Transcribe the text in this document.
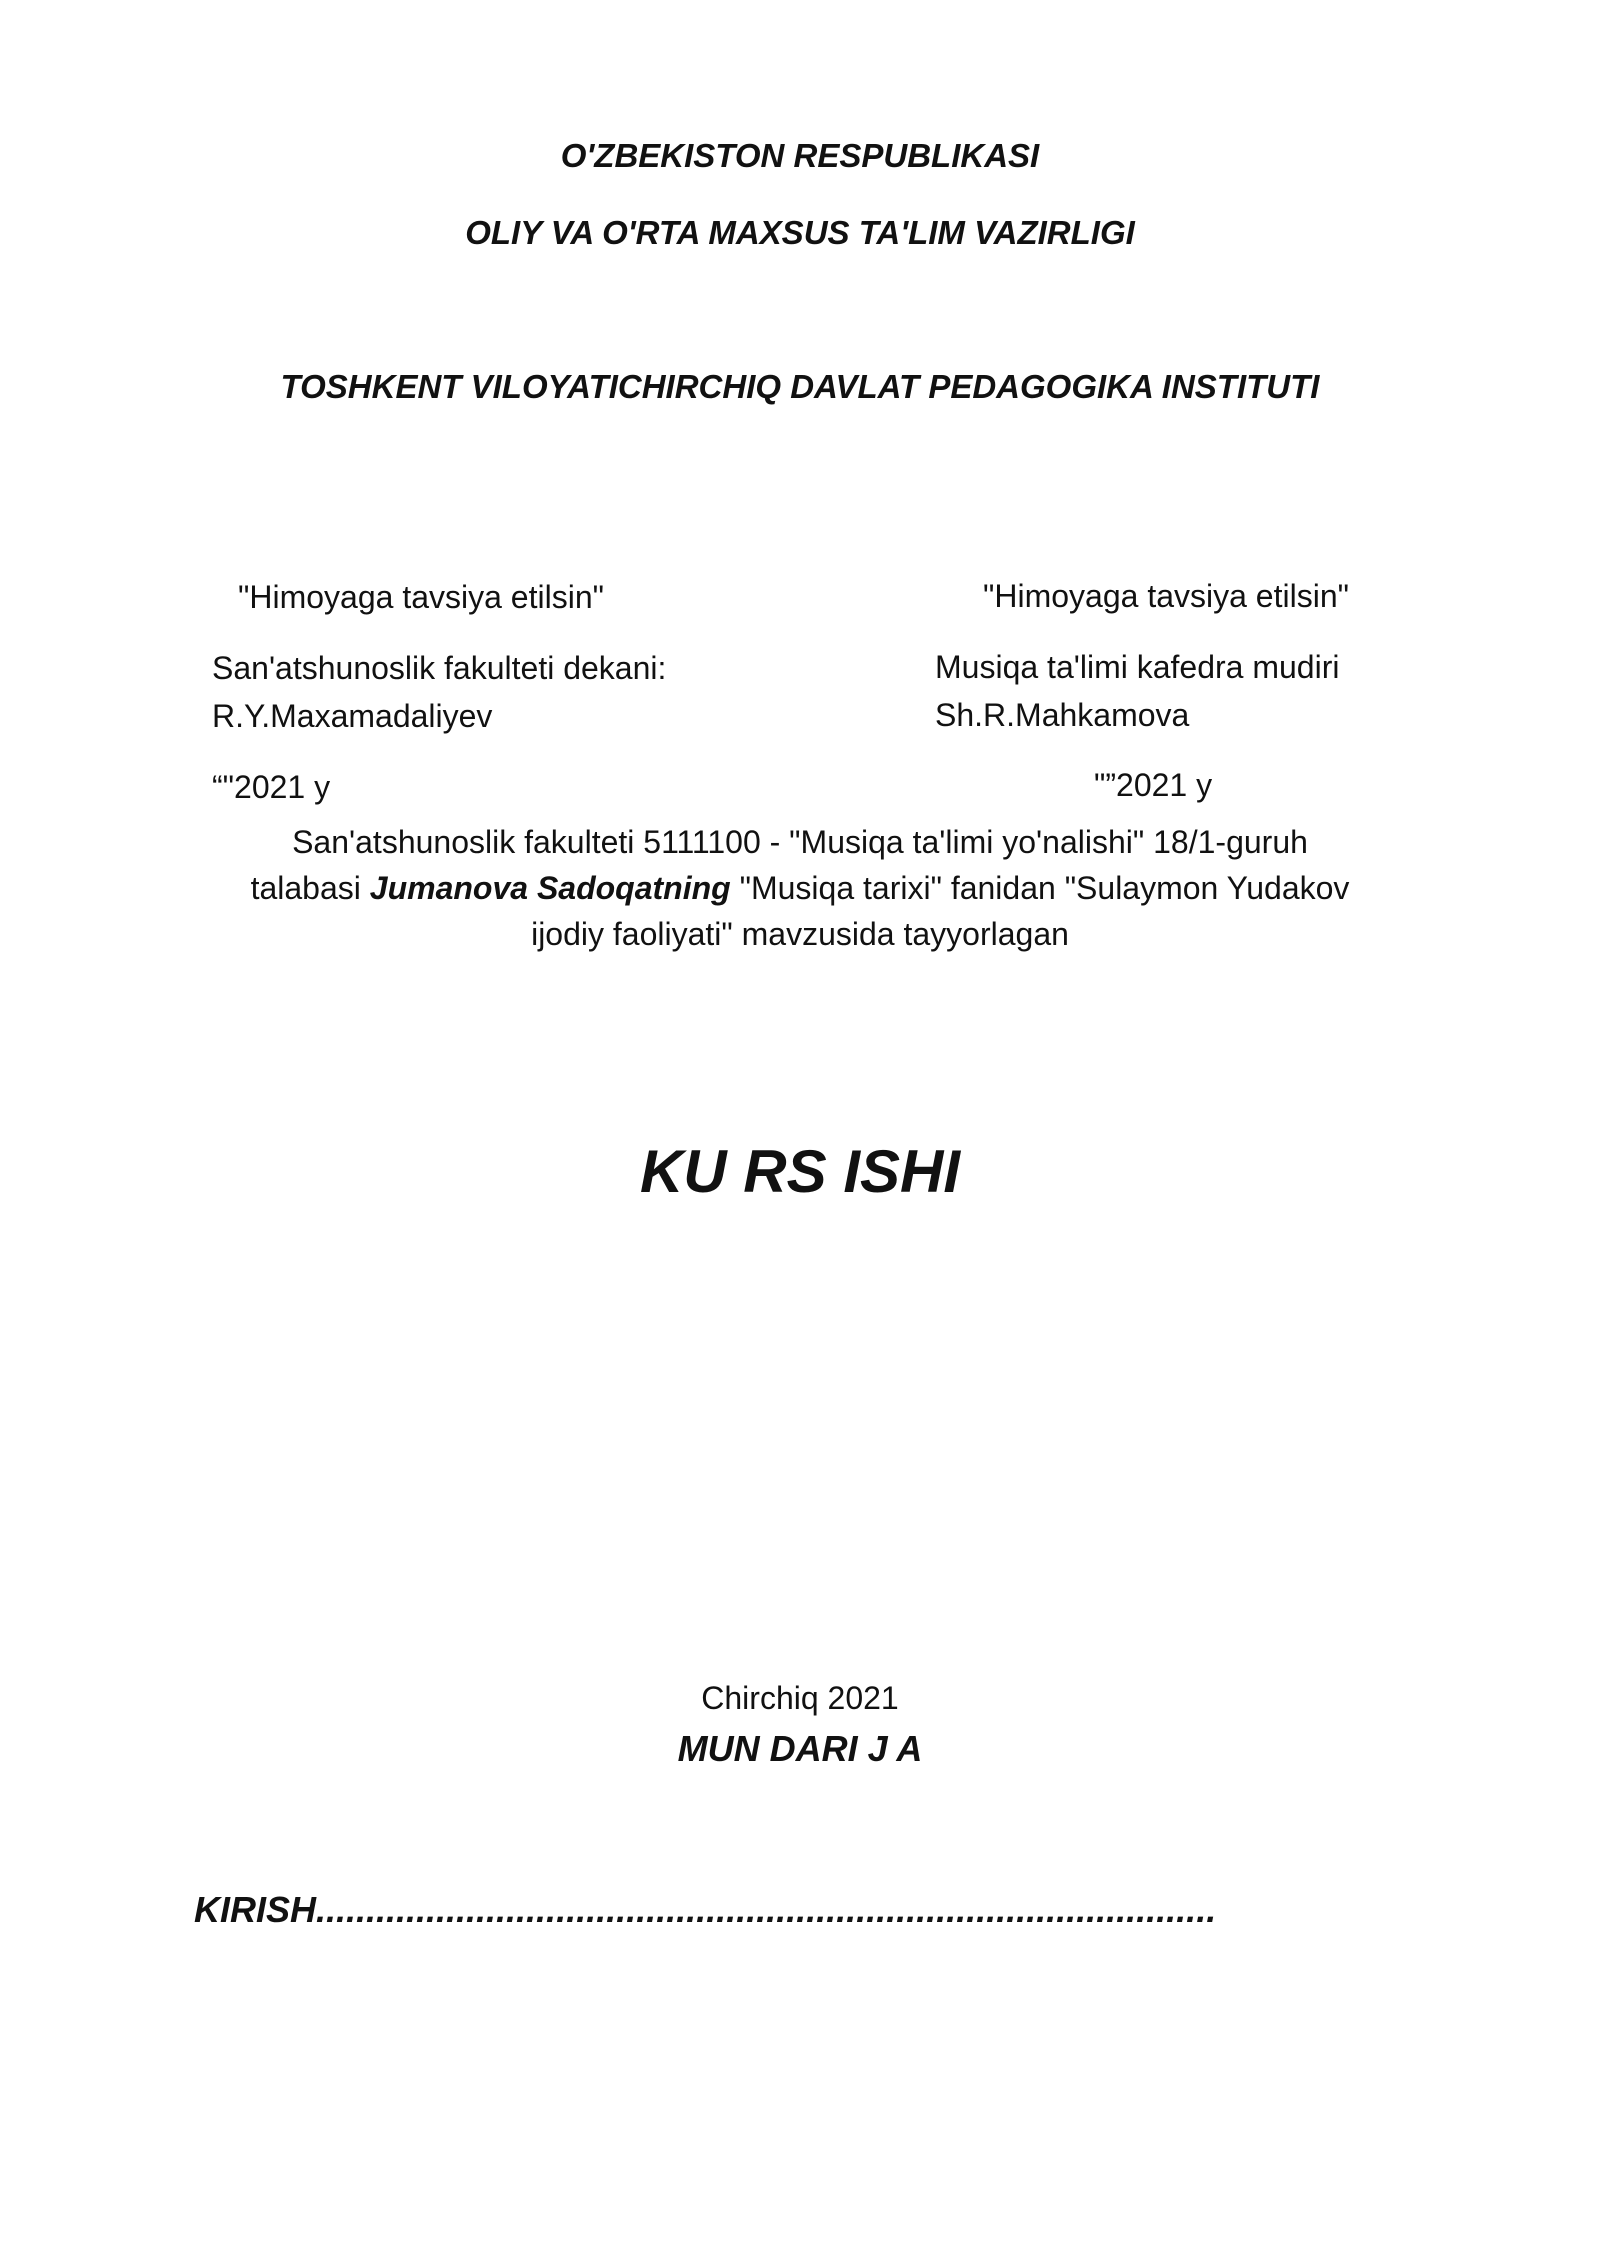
O'ZBEKISTON RESPUBLIKASI
OLIY VA O'RTA MAXSUS TA'LIM VAZIRLIGI
TOSHKENT VILOYATICHIRCHIQ DAVLAT PEDAGOGIKA INSTITUTI
"Himoyaga tavsiya etilsin"
San'atshunoslik fakulteti dekani:
R.Y.Maxamadaliyev
“"2021 y
"Himoyaga tavsiya etilsin"
Musiqa ta'limi kafedra mudiri
Sh.R.Mahkamova
"”2021 y
San'atshunoslik fakulteti 5111100 - "Musiqa ta'limi yo'nalishi" 18/1-guruh
talabasi Jumanova Sadoqatning "Musiqa tarixi" fanidan "Sulaymon Yudakov
ijodiy faoliyati" mavzusida tayyorlagan
KU RS ISHI
Chirchiq 2021
MUN DARI J A
KIRISH..........................................................................................
